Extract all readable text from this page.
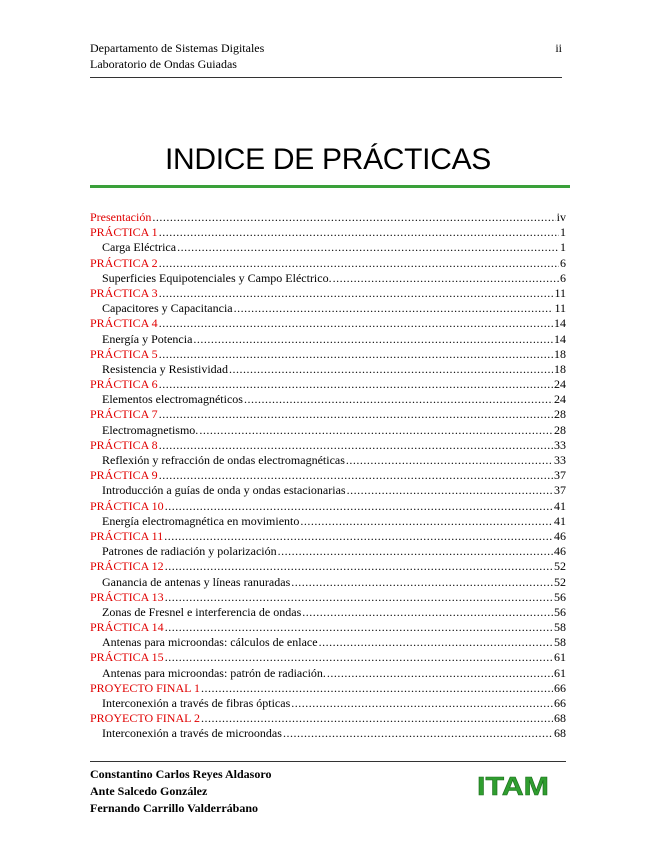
Departamento de Sistemas Digitales
Laboratorio de Ondas Guiadas
ii
INDICE DE PRÁCTICAS
Presentación .....	iv
PRÁCTICA 1 .....	1
Carga Eléctrica .....	1
PRÁCTICA 2 .....	6
Superficies Equipotenciales y Campo Eléctrico. .....	6
PRÁCTICA 3 .....	11
Capacitores y Capacitancia .....	11
PRÁCTICA 4 .....	14
Energía y Potencia .....	14
PRÁCTICA 5 .....	18
Resistencia y Resistividad .....	18
PRÁCTICA 6 .....	24
Elementos electromagnéticos .....	24
PRÁCTICA 7 .....	28
Electromagnetismo. .....	28
PRÁCTICA 8 .....	33
Reflexión y refracción de ondas electromagnéticas .....	33
PRÁCTICA 9 .....	37
Introducción a guías de onda y ondas estacionarias .....	37
PRÁCTICA 10 .....	41
Energía electromagnética en movimiento .....	41
PRÁCTICA 11 .....	46
Patrones de radiación y polarización .....	46
PRÁCTICA 12 .....	52
Ganancia de antenas y líneas ranuradas .....	52
PRÁCTICA 13 .....	56
Zonas de Fresnel e interferencia de ondas .....	56
PRÁCTICA 14 .....	58
Antenas para microondas: cálculos de enlace .....	58
PRÁCTICA 15 .....	61
Antenas para microondas: patrón de radiación. .....	61
PROYECTO FINAL 1 .....	66
Interconexión a través de fibras ópticas .....	66
PROYECTO FINAL 2 .....	68
Interconexión a través de microondas .....	68
Constantino Carlos Reyes Aldasoro
Ante Salcedo González
Fernando Carrillo Valderrábano
ITAM
